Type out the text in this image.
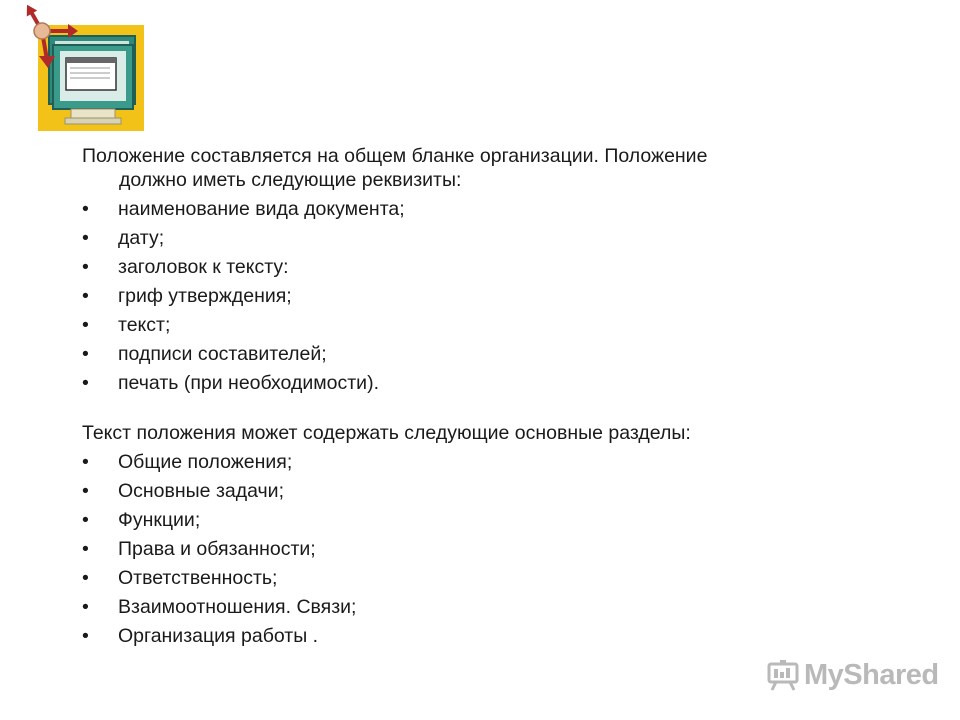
Положение составляется на общем бланке организации. Положение
должно иметь следующие реквизиты:

• наименование вида документа;
• дату;
• заголовок к тексту:
• гриф утверждения;
• текст;
• подписи составителей;
• печать (при необходимости).

Текст положения может содержать следующие основные разделы:

• Общие положения;
• Основные задачи;
• Функции;
• Права и обязанности;
• Ответственность;
• Взаимоотношения. Связи;
• Организация работы .
MyShared
